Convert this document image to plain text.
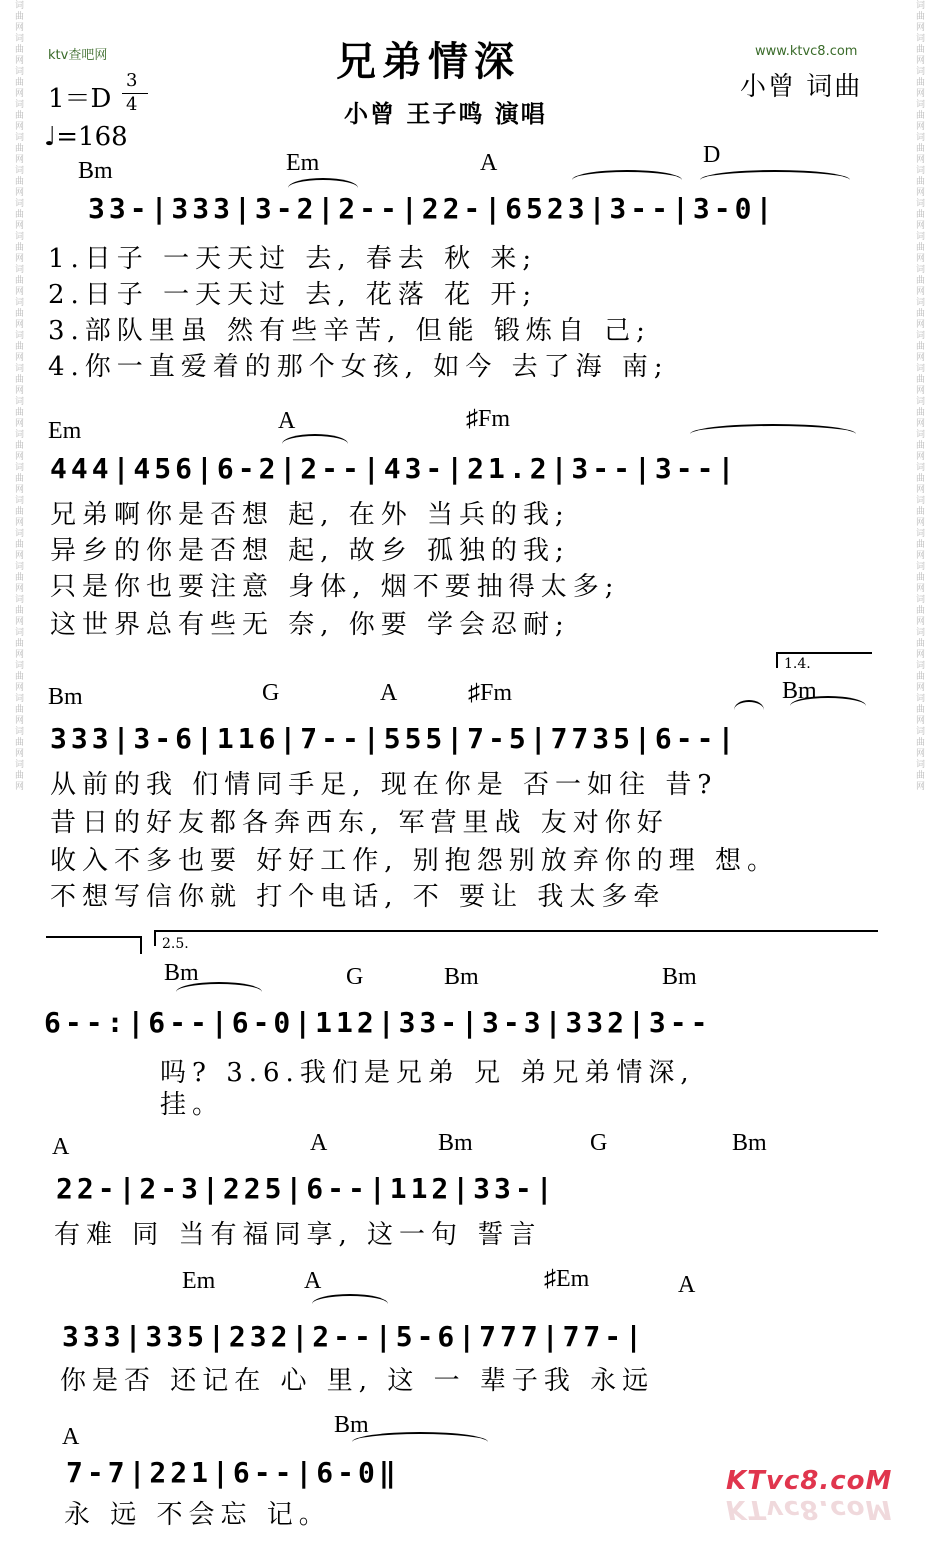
词曲网词曲网词曲网词曲网词曲网词曲网词曲网词曲网词曲网词曲网词曲网词曲网词曲网词曲网词曲网词曲网词曲网词曲网词曲网词曲网词曲网词曲网词曲网词曲网	词曲网词曲网词曲网词曲网词曲网词曲网词曲网词曲网词曲网词曲网词曲网词曲网词曲网词曲网词曲网词曲网词曲网词曲网词曲网词曲网词曲网词曲网词曲网词曲网
ktv查吧网	兄弟情深	www.ktvc8.com
1＝D
3
4	小曾 王子鸣 演唱
小曾 词曲
♩=168
Bm	Em	A	D
33-|333|3-2|2--|22-|6523|3--|3-0|
1.日子 一天天过 去, 春去 秋 来;
2.日子 一天天过 去, 花落 花 开;
3.部队里虽 然有些辛苦, 但能 锻炼自 己;
4.你一直爱着的那个女孩, 如今 去了海 南;
Em	A	♯Fm
444|456|6-2|2--|43-|21.2|3--|3--|
兄弟啊你是否想 起, 在外 当兵的我;
异乡的你是否想 起, 故乡 孤独的我;
只是你也要注意 身体, 烟不要抽得太多;
这世界总有些无 奈, 你要 学会忍耐;
1.4.
Bm	G	A	♯Fm	Bm
333|3-6|116|7--|555|7-5|7735|6--|
从前的我 们情同手足, 现在你是 否一如往 昔?
昔日的好友都各奔西东, 军营里战 友对你好
收入不多也要 好好工作, 别抱怨别放弃你的理 想。
不想写信你就 打个电话, 不 要让 我太多牵
2.5.
Bm	G	Bm	Bm
6--:|6--|6-0|112|33-|3-3|332|3--
吗? 3.6.我们是兄弟 兄 弟兄弟情深,
挂。
A	A	Bm	G	Bm
22-|2-3|225|6--|112|33-|
有难 同 当有福同享, 这一句 誓言
Em	A	♯Em	A
333|335|232|2--|5-6|777|77-|
你是否 还记在 心 里, 这 一 辈子我 永远
A	Bm
7-7|221|6--|6-0‖
永 远 不会忘 记。
KTvc8.coM
KTvc8.coM
